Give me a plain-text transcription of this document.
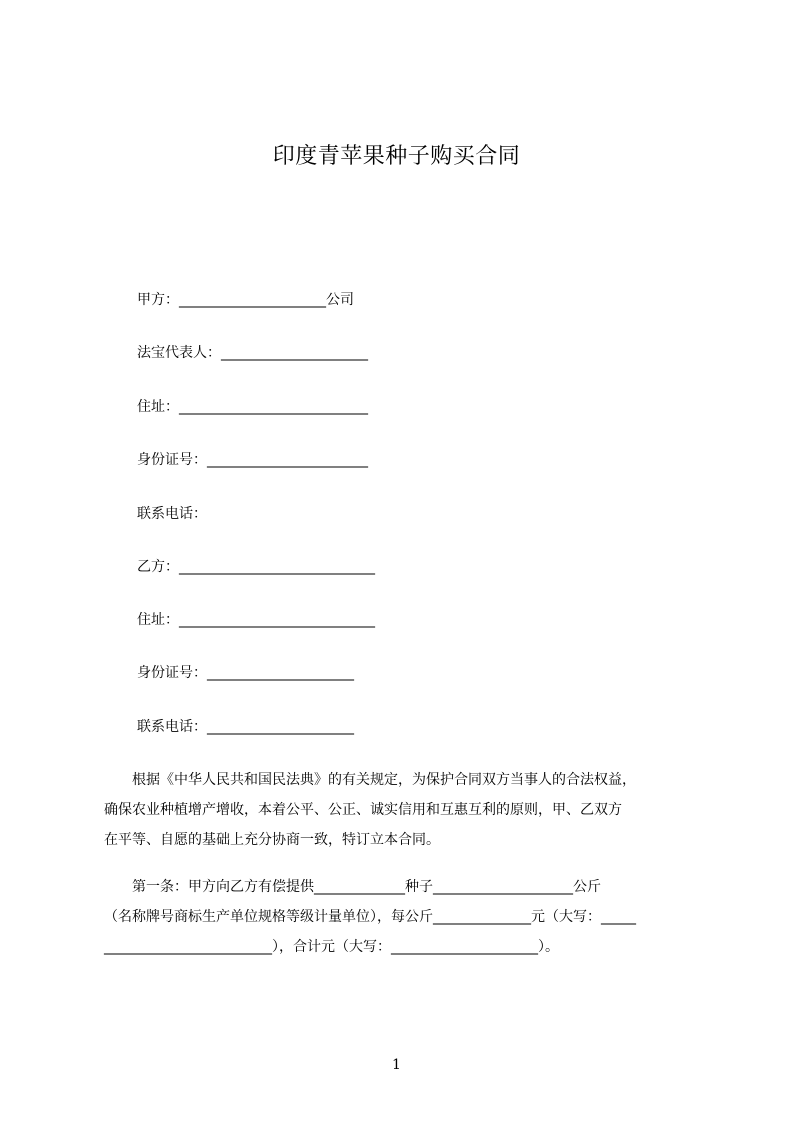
印度青苹果种子购买合同
甲方：_____________________公司
法宝代表人：_____________________
住址：___________________________
身份证号：_______________________
联系电话：
乙方：____________________________
住址：____________________________
身份证号：_____________________
联系电话：_____________________
　　根据《中华人民共和国民法典》的有关规定，为保护合同双方当事人的合法权益，
确保农业种植增产增收，本着公平、公正、诚实信用和互惠互利的原则，甲、乙双方
在平等、自愿的基础上充分协商一致，特订立本合同。
　　第一条：甲方向乙方有偿提供_____________种子____________________公斤
（名称牌号商标生产单位规格等级计量单位），每公斤______________元（大写：_____
________________________），合计元（大写：_____________________）。
1
